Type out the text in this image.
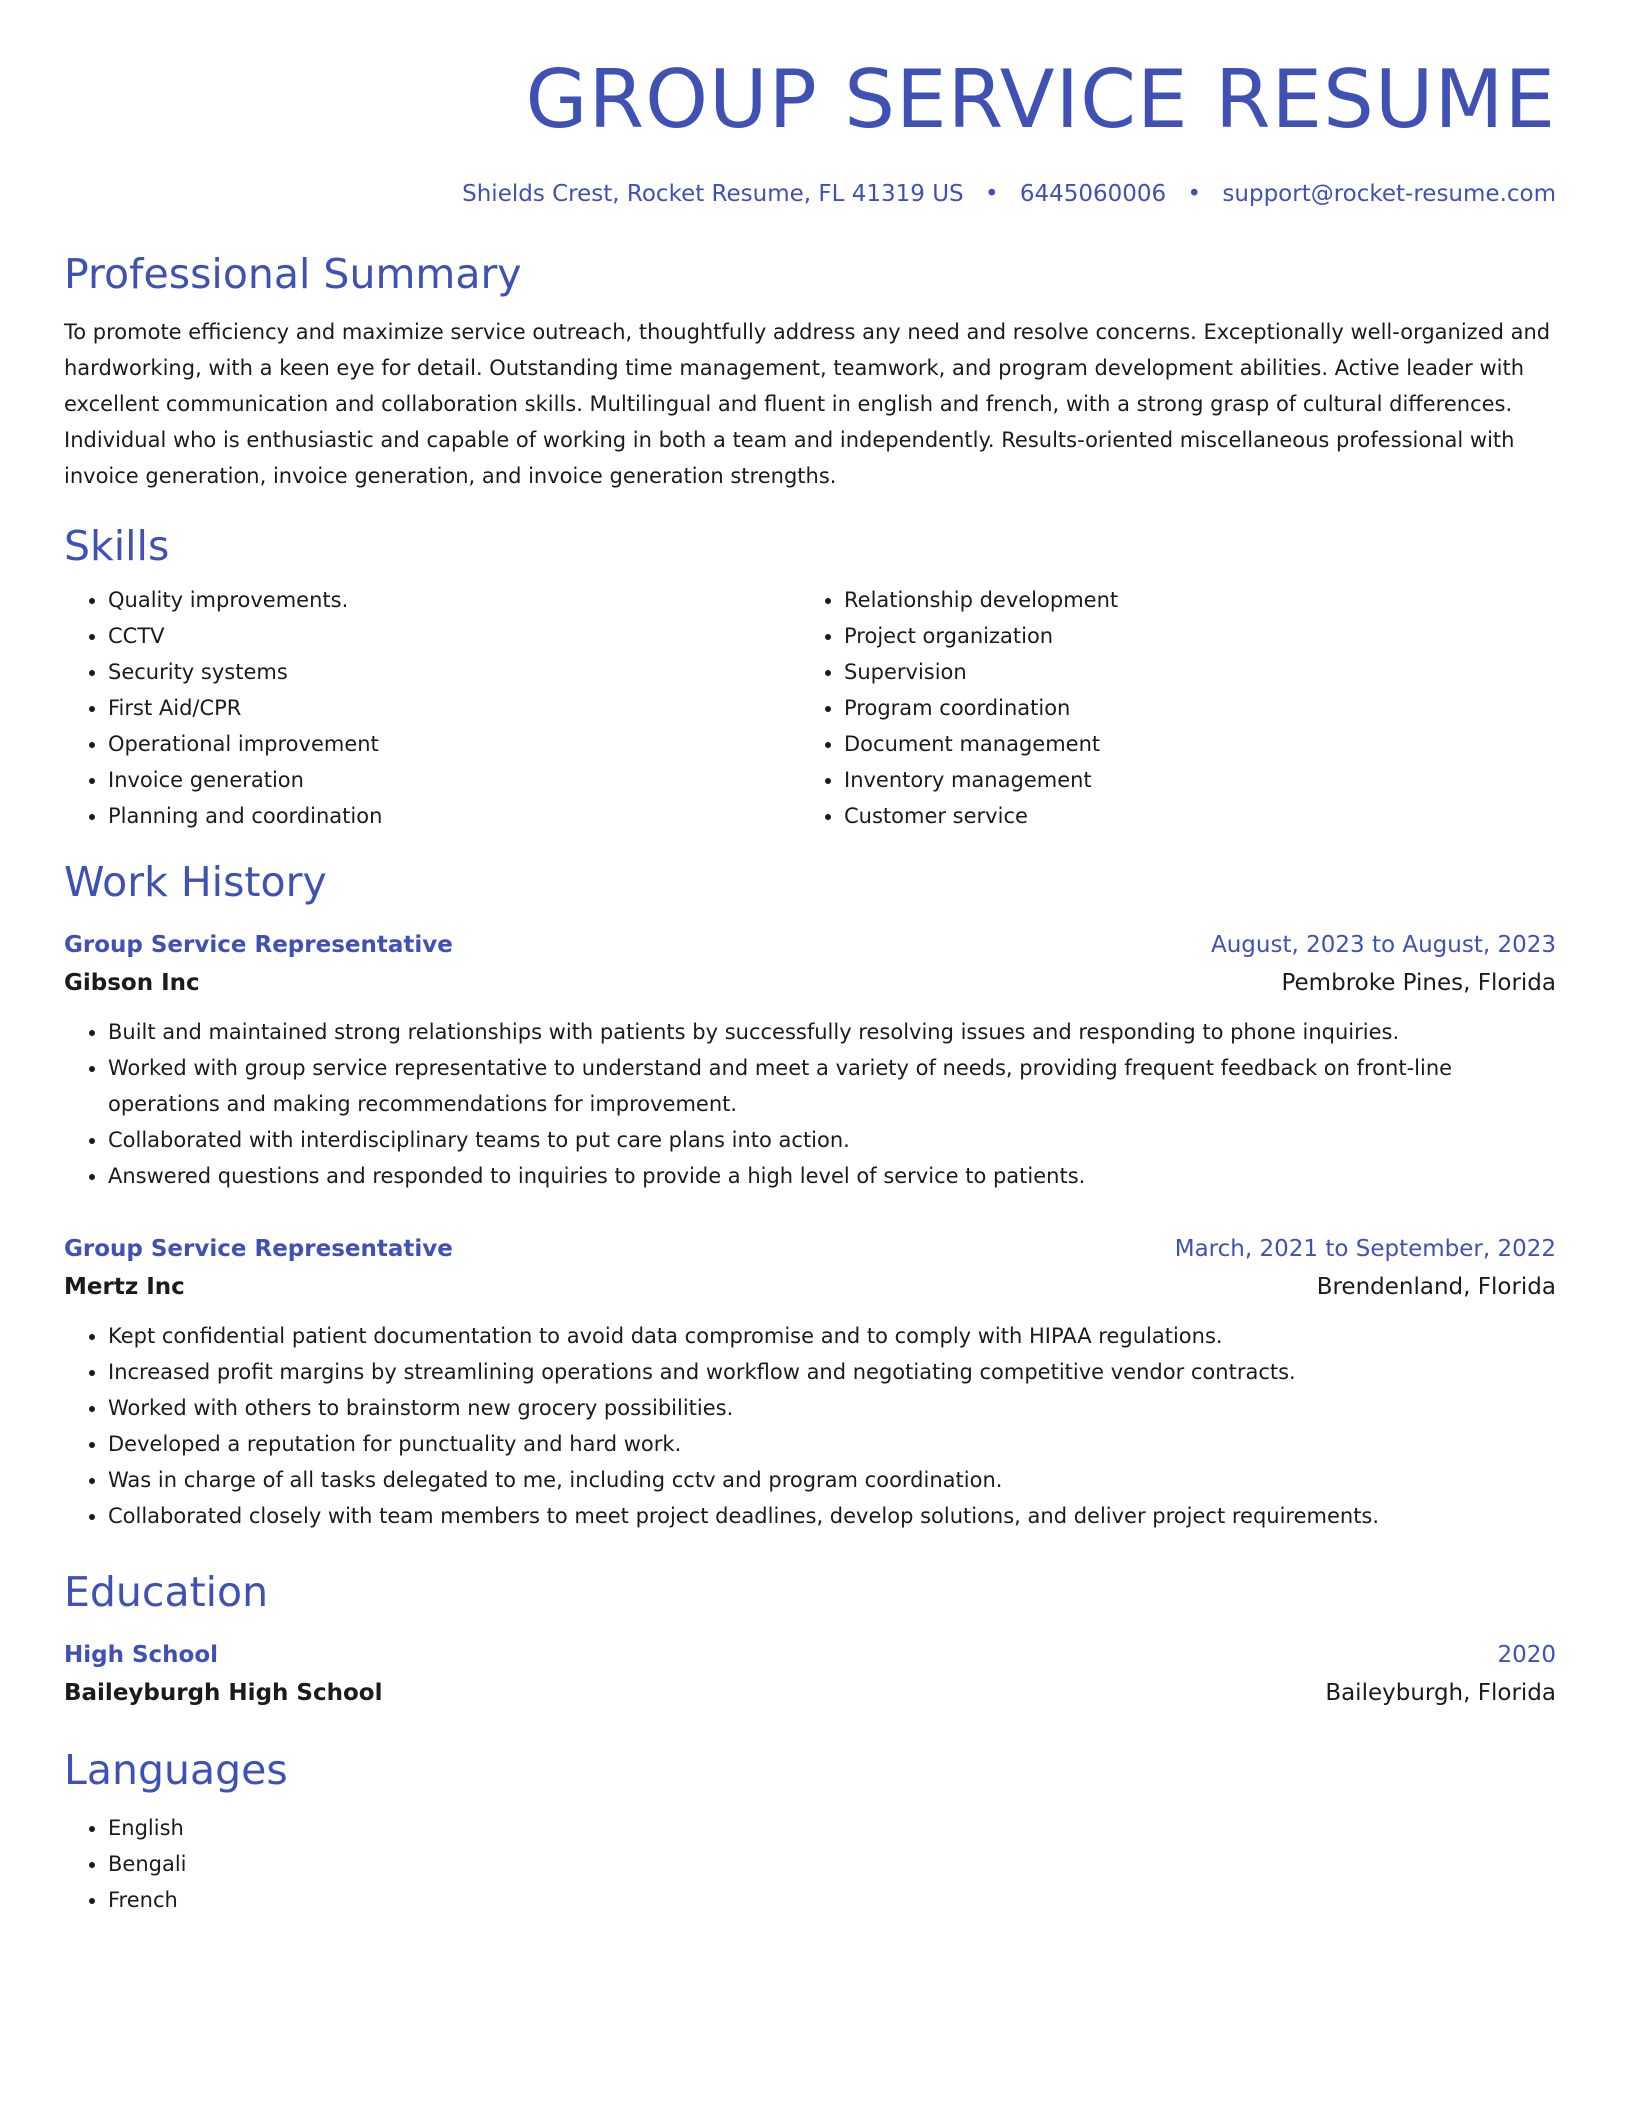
GROUP SERVICE RESUME
Shields Crest, Rocket Resume, FL 41319 US • 6445060006 • support@rocket-resume.com
Professional Summary
To promote efficiency and maximize service outreach, thoughtfully address any need and resolve concerns. Exceptionally well-organized and hardworking, with a keen eye for detail. Outstanding time management, teamwork, and program development abilities. Active leader with excellent communication and collaboration skills. Multilingual and fluent in english and french, with a strong grasp of cultural differences. Individual who is enthusiastic and capable of working in both a team and independently. Results-oriented miscellaneous professional with invoice generation, invoice generation, and invoice generation strengths.
Skills
• Quality improvements.
• CCTV
• Security systems
• First Aid/CPR
• Operational improvement
• Invoice generation
• Planning and coordination
• Relationship development
• Project organization
• Supervision
• Program coordination
• Document management
• Inventory management
• Customer service
Work History
Group Service Representative	August, 2023 to August, 2023
Gibson Inc	Pembroke Pines, Florida
• Built and maintained strong relationships with patients by successfully resolving issues and responding to phone inquiries.
• Worked with group service representative to understand and meet a variety of needs, providing frequent feedback on front-line operations and making recommendations for improvement.
• Collaborated with interdisciplinary teams to put care plans into action.
• Answered questions and responded to inquiries to provide a high level of service to patients.
Group Service Representative	March, 2021 to September, 2022
Mertz Inc	Brendenland, Florida
• Kept confidential patient documentation to avoid data compromise and to comply with HIPAA regulations.
• Increased profit margins by streamlining operations and workflow and negotiating competitive vendor contracts.
• Worked with others to brainstorm new grocery possibilities.
• Developed a reputation for punctuality and hard work.
• Was in charge of all tasks delegated to me, including cctv and program coordination.
• Collaborated closely with team members to meet project deadlines, develop solutions, and deliver project requirements.
Education
High School	2020
Baileyburgh High School	Baileyburgh, Florida
Languages
• English
• Bengali
• French
